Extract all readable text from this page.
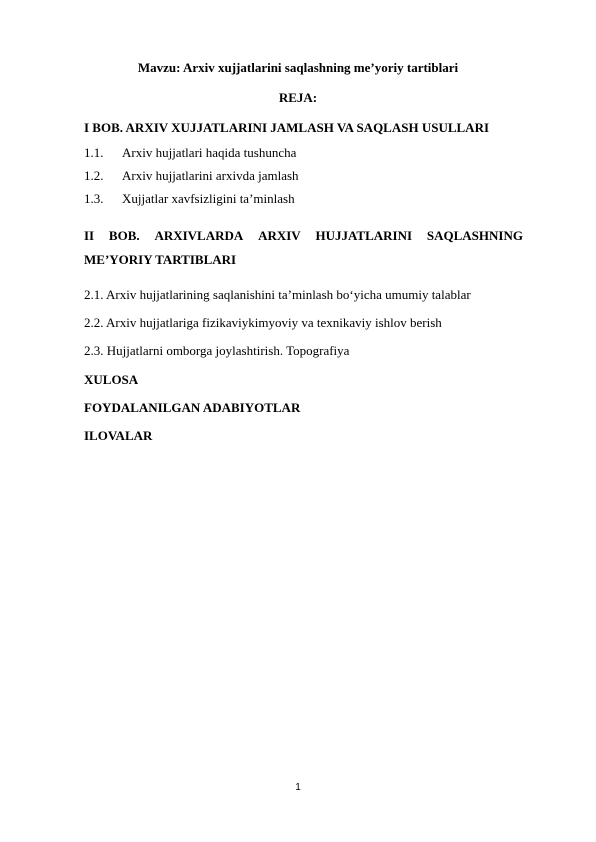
Mavzu: Arxiv xujjatlarini saqlashning me’yoriy tartiblari
REJA:
I BOB. ARXIV XUJJATLARINI JAMLASH VA SAQLASH USULLARI
1.1. Arxiv hujjatlari haqida tushuncha
1.2. Arxiv hujjatlarini arxivda jamlash
1.3. Xujjatlar xavfsizligini ta’minlash
II BOB. ARXIVLARDA ARXIV HUJJATLARINI SAQLASHNING
ME’YORIY TARTIBLARI
2.1. Arxiv hujjatlarining saqlanishini ta’minlash bo‘yicha umumiy talablar
2.2. Arxiv hujjatlariga fizikaviykimyoviy va texnikaviy ishlov berish
2.3. Hujjatlarni omborga joylashtirish. Topografiya
XULOSA
FOYDALANILGAN ADABIYOTLAR
ILOVALAR
1
